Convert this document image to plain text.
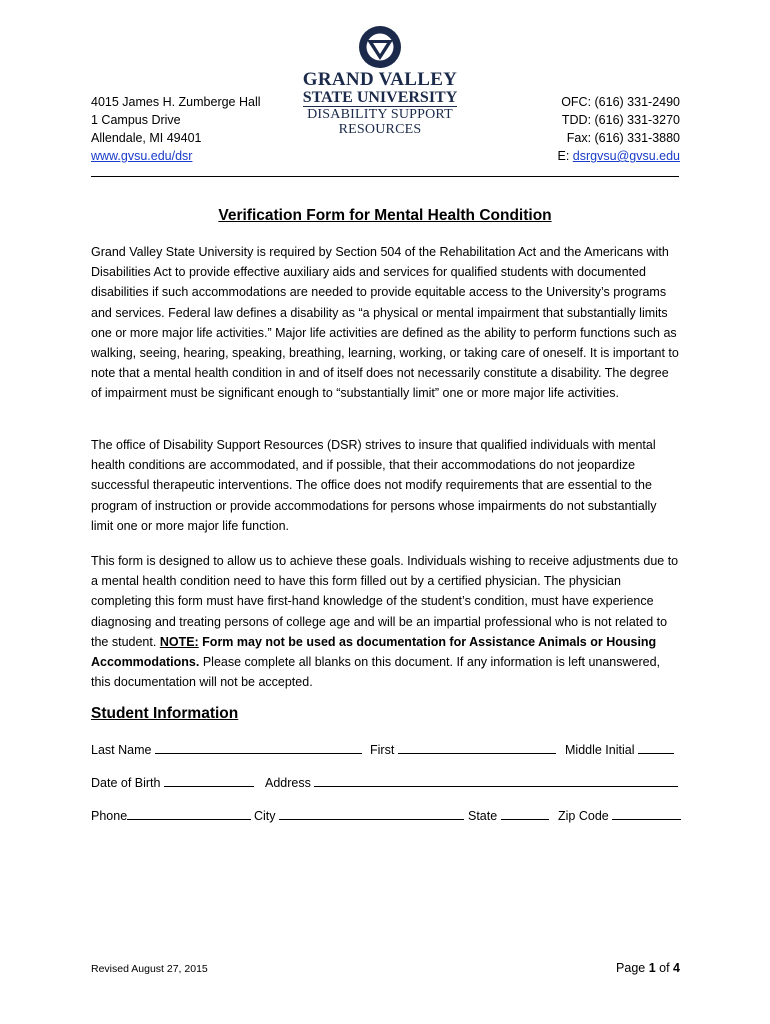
GRAND VALLEY
STATE UNIVERSITY
DISABILITY SUPPORT
RESOURCES
4015 James H. Zumberge Hall
1 Campus Drive
Allendale, MI 49401
www.gvsu.edu/dsr
OFC: (616) 331-2490
TDD: (616) 331-3270
Fax: (616) 331-3880
E: dsrgvsu@gvsu.edu
Verification Form for Mental Health Condition
Grand Valley State University is required by Section 504 of the Rehabilitation Act and the Americans with Disabilities Act to provide effective auxiliary aids and services for qualified students with documented disabilities if such accommodations are needed to provide equitable access to the University’s programs and services. Federal law defines a disability as “a physical or mental impairment that substantially limits one or more major life activities.” Major life activities are defined as the ability to perform functions such as walking, seeing, hearing, speaking, breathing, learning, working, or taking care of oneself. It is important to note that a mental health condition in and of itself does not necessarily constitute a disability. The degree of impairment must be significant enough to “substantially limit” one or more major life activities.
The office of Disability Support Resources (DSR) strives to insure that qualified individuals with mental health conditions are accommodated, and if possible, that their accommodations do not jeopardize successful therapeutic interventions. The office does not modify requirements that are essential to the program of instruction or provide accommodations for persons whose impairments do not substantially limit one or more major life function.
This form is designed to allow us to achieve these goals. Individuals wishing to receive adjustments due to a mental health condition need to have this form filled out by a certified physician. The physician completing this form must have first-hand knowledge of the student’s condition, must have experience diagnosing and treating persons of college age and will be an impartial professional who is not related to the student. NOTE: Form may not be used as documentation for Assistance Animals or Housing Accommodations. Please complete all blanks on this document. If any information is left unanswered, this documentation will not be accepted.
Student Information
Last Name	First	Middle Initial
Date of Birth	Address
Phone	City	State	Zip Code
Revised August 27, 2015	Page 1 of 4
